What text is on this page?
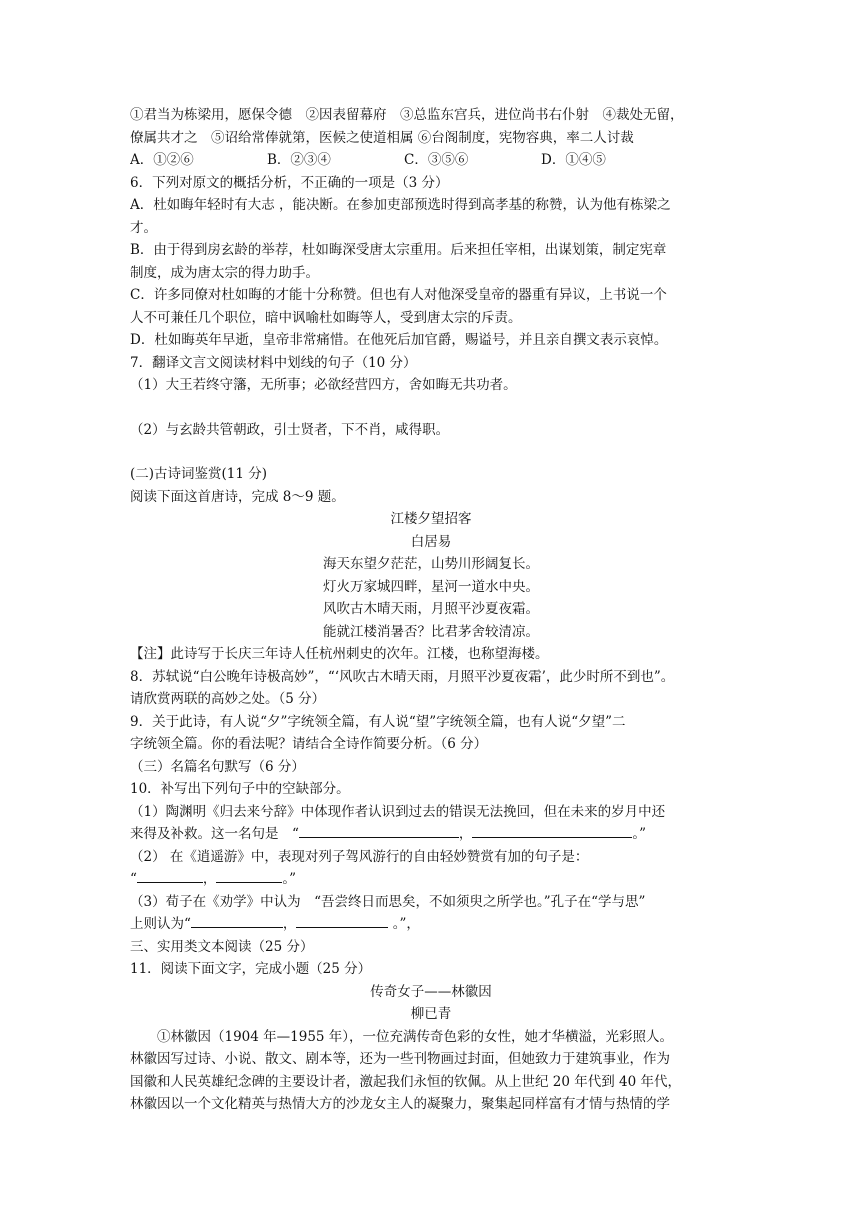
①君当为栋梁用，愿保令德　②因表留幕府　③总监东宫兵，进位尚书右仆射　④裁处无留，
僚属共才之　⑤诏给常俸就第，医候之使道相属 ⑥台阁制度，宪物容典，率二人讨裁
A．①②⑥	B．②③④	C．③⑤⑥	D．①④⑤
6．下列对原文的概括分析，不正确的一项是（3 分）
A．杜如晦年轻时有大志 ，能决断。在参加吏部预选时得到高孝基的称赞，认为他有栋梁之
才。
B．由于得到房玄龄的举荐，杜如晦深受唐太宗重用。后来担任宰相，出谋划策，制定宪章
制度，成为唐太宗的得力助手。
C．许多同僚对杜如晦的才能十分称赞。但也有人对他深受皇帝的器重有异议，上书说一个
人不可兼任几个职位，暗中讽喻杜如晦等人，受到唐太宗的斥责。
D．杜如晦英年早逝，皇帝非常痛惜。在他死后加官爵，赐谥号，并且亲自撰文表示哀悼。
7．翻译文言文阅读材料中划线的句子（10 分）
（1）大王若终守籓，无所事；必欲经营四方，舍如晦无共功者。
（2）与玄龄共管朝政，引士贤者，下不肖，咸得职。
(二)古诗词鉴赏(11 分)
阅读下面这首唐诗，完成 8～9 题。
江楼夕望招客
白居易
海天东望夕茫茫，山势川形阔复长。
灯火万家城四畔，星河一道水中央。
风吹古木晴天雨，月照平沙夏夜霜。
能就江楼消暑否？比君茅舍较清凉。
【注】此诗写于长庆三年诗人任杭州刺史的次年。江楼，也称望海楼。
8．苏轼说“白公晚年诗极高妙”，“‘风吹古木晴天雨，月照平沙夏夜霜’，此少时所不到也”。
请欣赏两联的高妙之处。（5 分）
9．关于此诗，有人说“夕”字统领全篇，有人说“望”字统领全篇，也有人说“夕望”二
字统领全篇。你的看法呢？请结合全诗作简要分析。（6 分）
（三）名篇名句默写（6 分）
10．补写出下列句子中的空缺部分。
（1）陶渊明《归去来兮辞》中体现作者认识到过去的错误无法挽回，但在未来的岁月中还
来得及补救。这一名句是　“	，	。”
（2） 在《逍遥游》中，表现对列子驾风游行的自由轻妙赞赏有加的句子是：
“	，	。”
（3）荀子在《劝学》中认为　“吾尝终日而思矣，不如须臾之所学也。”孔子在“学与思”
上则认为“	，	。”，
三、实用类文本阅读（25 分）
11．阅读下面文字，完成小题（25 分）
传奇女子——林徽因
柳已青
①林徽因（1904 年—1955 年），一位充满传奇色彩的女性，她才华横溢，光彩照人。
林徽因写过诗、小说、散文、剧本等，还为一些刊物画过封面，但她致力于建筑事业，作为
国徽和人民英雄纪念碑的主要设计者，激起我们永恒的钦佩。从上世纪 20 年代到 40 年代，
林徽因以一个文化精英与热情大方的沙龙女主人的凝聚力，聚集起同样富有才情与热情的学
